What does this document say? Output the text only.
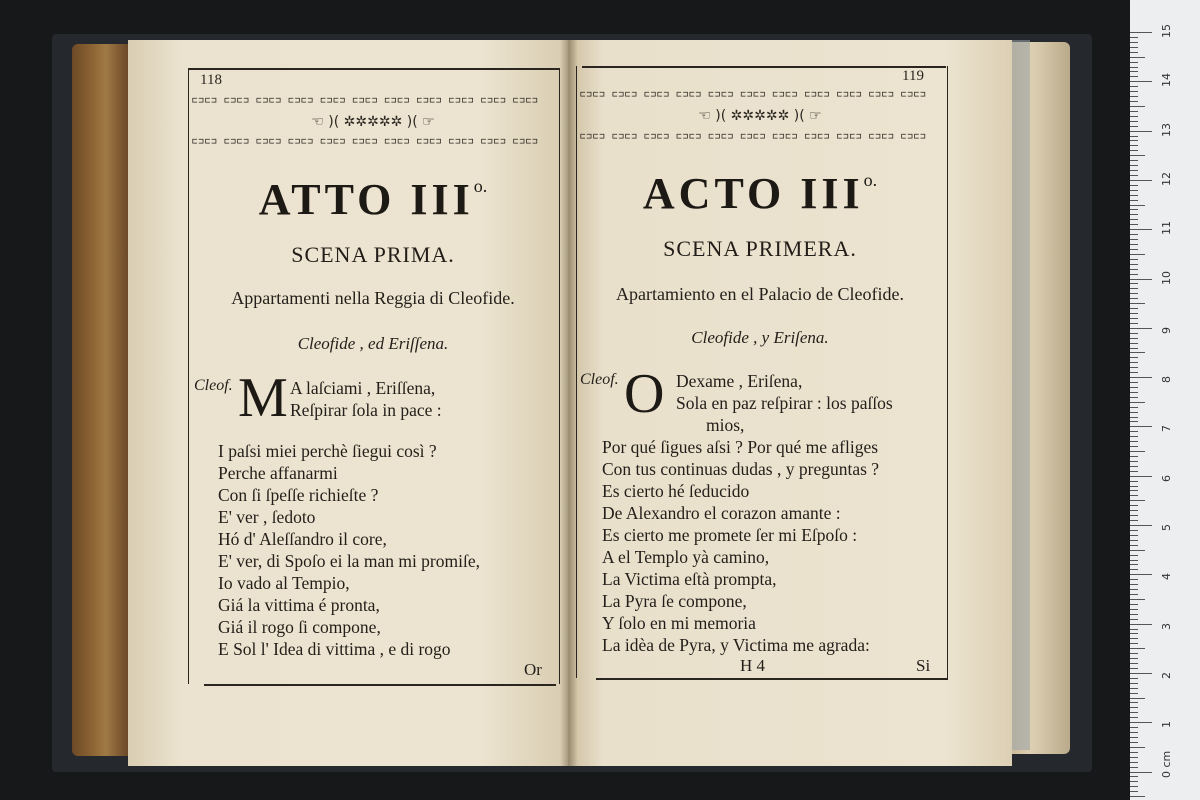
118
⊏⊐⊏⊐ ⊏⊐⊏⊐ ⊏⊐⊏⊐ ⊏⊐⊏⊐ ⊏⊐⊏⊐ ⊏⊐⊏⊐ ⊏⊐⊏⊐ ⊏⊐⊏⊐ ⊏⊐⊏⊐ ⊏⊐⊏⊐ ⊏⊐⊏⊐
☜ )( ✲✲✲✲✲ )( ☞
⊏⊐⊏⊐ ⊏⊐⊏⊐ ⊏⊐⊏⊐ ⊏⊐⊏⊐ ⊏⊐⊏⊐ ⊏⊐⊏⊐ ⊏⊐⊏⊐ ⊏⊐⊏⊐ ⊏⊐⊏⊐ ⊏⊐⊏⊐ ⊏⊐⊏⊐
ATTO $III^{o.}$
SCENA PRIMA.
Appartamenti nella Reggia di Cleofide.
Cleofide , ed Eriſſena.
Cleof. M A laſciami , Eriſſena,
Reſpirar ſola in pace :
I paſsi miei perchè ſiegui così ?
Perche affanarmi
Con ſi ſpeſſe richieſte ?
E' ver , ſedoto
Hó d' Aleſſandro il core,
E' ver, di Spoſo ei la man mi promiſe,
Io vado al Tempio,
Giá la vittima é pronta,
Giá il rogo ſi compone,
E Sol l' Idea di vittima , e di rogo
Or
119
⊏⊐⊏⊐ ⊏⊐⊏⊐ ⊏⊐⊏⊐ ⊏⊐⊏⊐ ⊏⊐⊏⊐ ⊏⊐⊏⊐ ⊏⊐⊏⊐ ⊏⊐⊏⊐ ⊏⊐⊏⊐ ⊏⊐⊏⊐ ⊏⊐⊏⊐
☜ )( ✲✲✲✲✲ )( ☞
⊏⊐⊏⊐ ⊏⊐⊏⊐ ⊏⊐⊏⊐ ⊏⊐⊏⊐ ⊏⊐⊏⊐ ⊏⊐⊏⊐ ⊏⊐⊏⊐ ⊏⊐⊏⊐ ⊏⊐⊏⊐ ⊏⊐⊏⊐ ⊏⊐⊏⊐
ACTO $III^{o.}$
SCENA PRIMERA.
Apartamiento en el Palacio de Cleofide.
Cleofide , y Eriſena.
Cleof. O Dexame , Eriſena,
Sola en paz reſpirar : los paſſos
mios,
Por qué ſigues aſsi ? Por qué me afliges
Con tus continuas dudas , y preguntas ?
Es cierto hé ſeducido
De Alexandro el corazon amante :
Es cierto me promete ſer mi Eſpoſo :
A el Templo yà camino,
La Victima eſtà prompta,
La Pyra ſe compone,
Y ſolo en mi memoria
La idèa de Pyra, y Victima me agrada:
H 4	Si
15
14
13
12
11
10
9
8
7
6
5
4
3
2
1
0 cm
